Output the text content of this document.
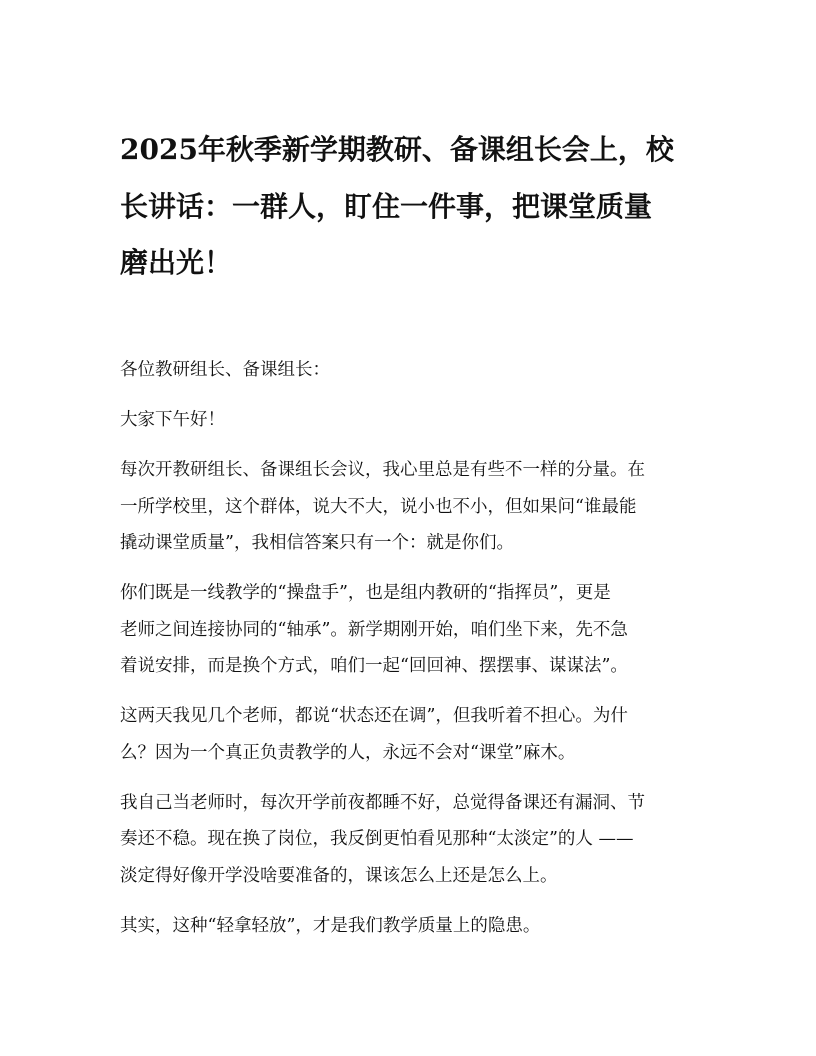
2025年秋季新学期教研、备课组长会上，校
长讲话：一群人，盯住一件事，把课堂质量
磨出光！
各位教研组长、备课组长：
大家下午好！
每次开教研组长、备课组长会议，我心里总是有些不一样的分量。在
一所学校里，这个群体，说大不大，说小也不小，但如果问“谁最能
撬动课堂质量”，我相信答案只有一个：就是你们。
你们既是一线教学的“操盘手”，也是组内教研的“指挥员”，更是
老师之间连接协同的“轴承”。新学期刚开始，咱们坐下来，先不急
着说安排，而是换个方式，咱们一起“回回神、摆摆事、谋谋法”。
这两天我见几个老师，都说“状态还在调”，但我听着不担心。为什
么？因为一个真正负责教学的人，永远不会对“课堂”麻木。
我自己当老师时，每次开学前夜都睡不好，总觉得备课还有漏洞、节
奏还不稳。现在换了岗位，我反倒更怕看见那种“太淡定”的人 ——
淡定得好像开学没啥要准备的，课该怎么上还是怎么上。
其实，这种“轻拿轻放”，才是我们教学质量上的隐患。
